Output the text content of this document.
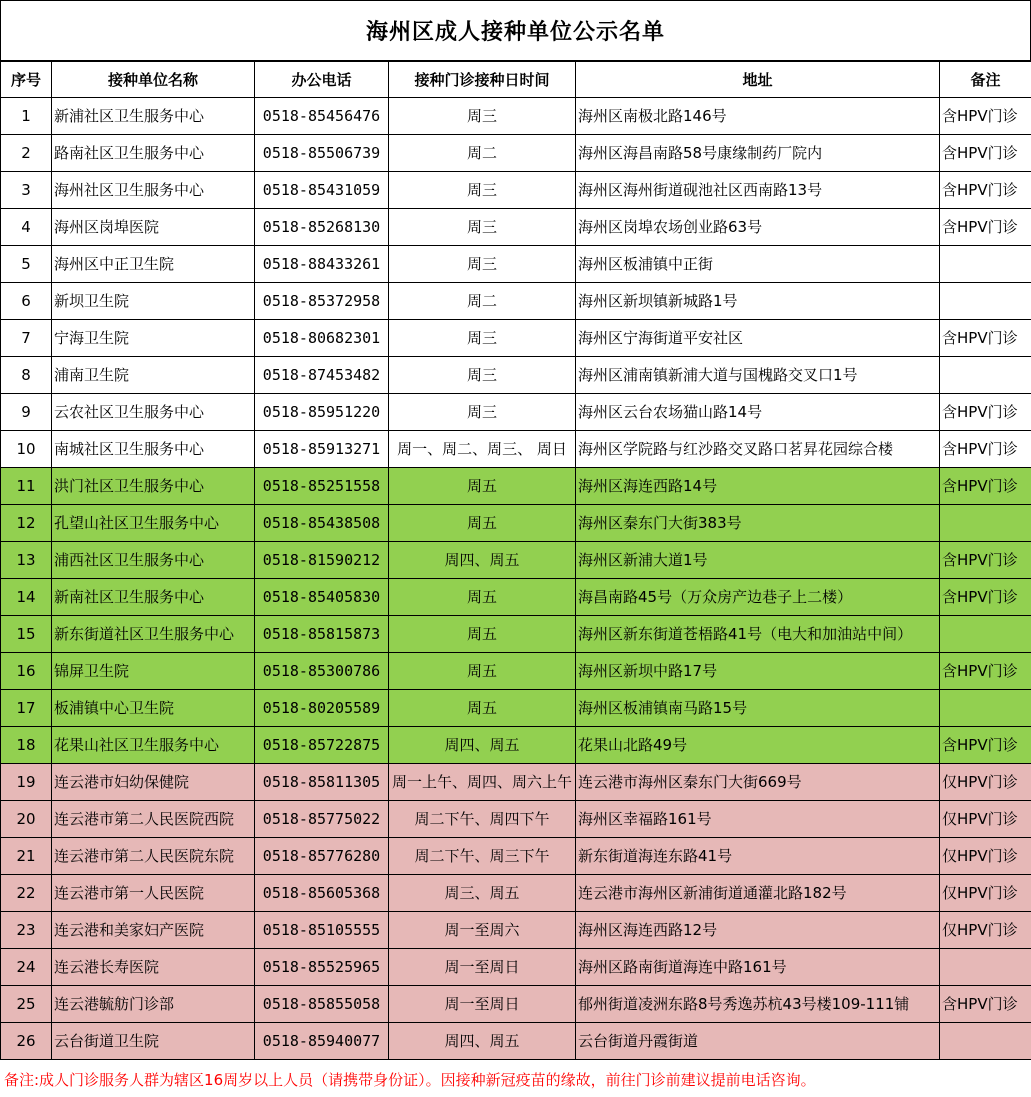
海州区成人接种单位公示名单
序号	接种单位名称	办公电话	接种门诊接种日时间	地址	备注
1	新浦社区卫生服务中心	0518-85456476	周三	海州区南极北路146号	含HPV门诊
2	路南社区卫生服务中心	0518-85506739	周二	海州区海昌南路58号康缘制药厂院内	含HPV门诊
3	海州社区卫生服务中心	0518-85431059	周三	海州区海州街道砚池社区西南路13号	含HPV门诊
4	海州区岗埠医院	0518-85268130	周三	海州区岗埠农场创业路63号	含HPV门诊
5	海州区中正卫生院	0518-88433261	周三	海州区板浦镇中正街	
6	新坝卫生院	0518-85372958	周二	海州区新坝镇新城路1号	
7	宁海卫生院	0518-80682301	周三	海州区宁海街道平安社区	含HPV门诊
8	浦南卫生院	0518-87453482	周三	海州区浦南镇新浦大道与国槐路交叉口1号	
9	云农社区卫生服务中心	0518-85951220	周三	海州区云台农场猫山路14号	含HPV门诊
10	南城社区卫生服务中心	0518-85913271	周一、周二、周三、 周日	海州区学院路与红沙路交叉路口茗昇花园综合楼	含HPV门诊
11	洪门社区卫生服务中心	0518-85251558	周五	海州区海连西路14号	含HPV门诊
12	孔望山社区卫生服务中心	0518-85438508	周五	海州区秦东门大街383号	
13	浦西社区卫生服务中心	0518-81590212	周四、周五	海州区新浦大道1号	含HPV门诊
14	新南社区卫生服务中心	0518-85405830	周五	海昌南路45号（万众房产边巷子上二楼）	含HPV门诊
15	新东街道社区卫生服务中心	0518-85815873	周五	海州区新东街道苍梧路41号（电大和加油站中间）	
16	锦屏卫生院	0518-85300786	周五	海州区新坝中路17号	含HPV门诊
17	板浦镇中心卫生院	0518-80205589	周五	海州区板浦镇南马路15号	
18	花果山社区卫生服务中心	0518-85722875	周四、周五	花果山北路49号	含HPV门诊
19	连云港市妇幼保健院	0518-85811305	周一上午、周四、周六上午	连云港市海州区秦东门大街669号	仅HPV门诊
20	连云港市第二人民医院西院	0518-85775022	周二下午、周四下午	海州区幸福路161号	仅HPV门诊
21	连云港市第二人民医院东院	0518-85776280	周二下午、周三下午	新东街道海连东路41号	仅HPV门诊
22	连云港市第一人民医院	0518-85605368	周三、周五	连云港市海州区新浦街道通灌北路182号	仅HPV门诊
23	连云港和美家妇产医院	0518-85105555	周一至周六	海州区海连西路12号	仅HPV门诊
24	连云港长寿医院	0518-85525965	周一至周日	海州区路南街道海连中路161号	
25	连云港毓舫门诊部	0518-85855058	周一至周日	郁州街道凌洲东路8号秀逸苏杭43号楼109-111铺	含HPV门诊
26	云台街道卫生院	0518-85940077	周四、周五	云台街道丹霞街道	
备注:成人门诊服务人群为辖区16周岁以上人员（请携带身份证）。因接种新冠疫苗的缘故，前往门诊前建议提前电话咨询。
